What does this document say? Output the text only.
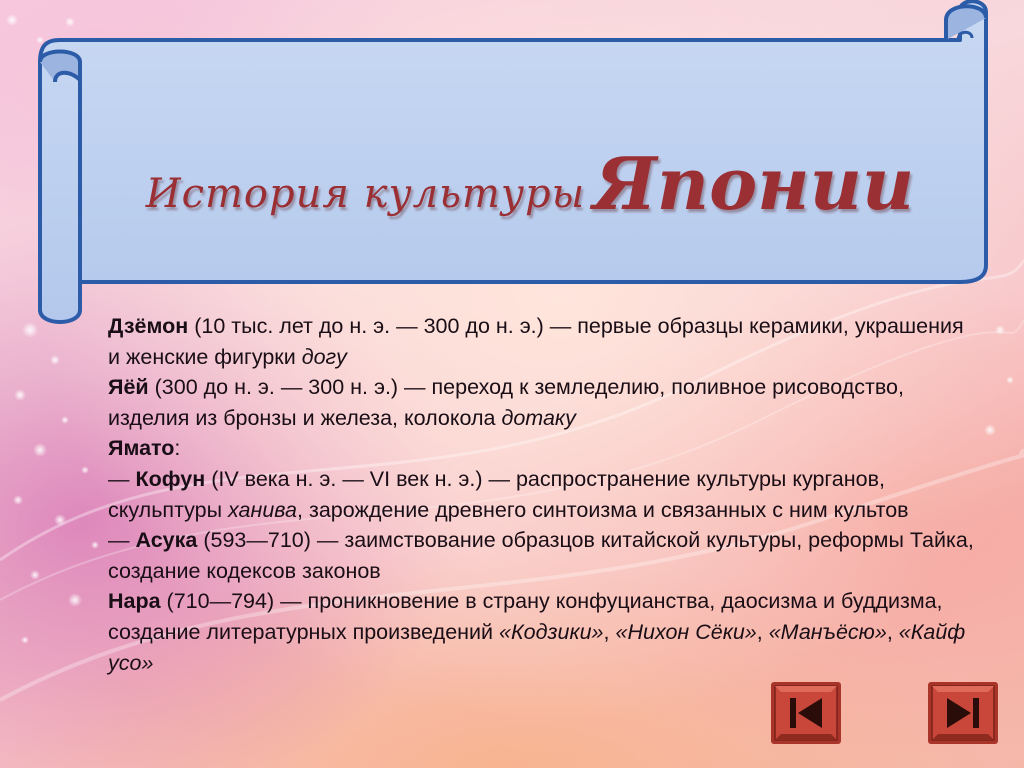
История культуры Японии

Дзёмон (10 тыс. лет до н. э. — 300 до н. э.) — первые образцы керамики, украшения и женские фигурки догу

Яёй (300 до н. э. — 300 н. э.) — переход к земледелию, поливное рисоводство, изделия из бронзы и железа, колокола дотаку

Ямато:

— Кофун (IV века н. э. — VI век н. э.) — распространение культуры курганов, скульптуры ханива, зарождение древнего синтоизма и связанных с ним культов

— Асука (593—710) — заимствование образцов китайской культуры, реформы Тайка, создание кодексов законов

Нара (710—794) — проникновение в страну конфуцианства, даосизма и буддизма, создание литературных произведений «Кодзики», «Нихон Сёки», «Манъёсю», «Кайф усо»
